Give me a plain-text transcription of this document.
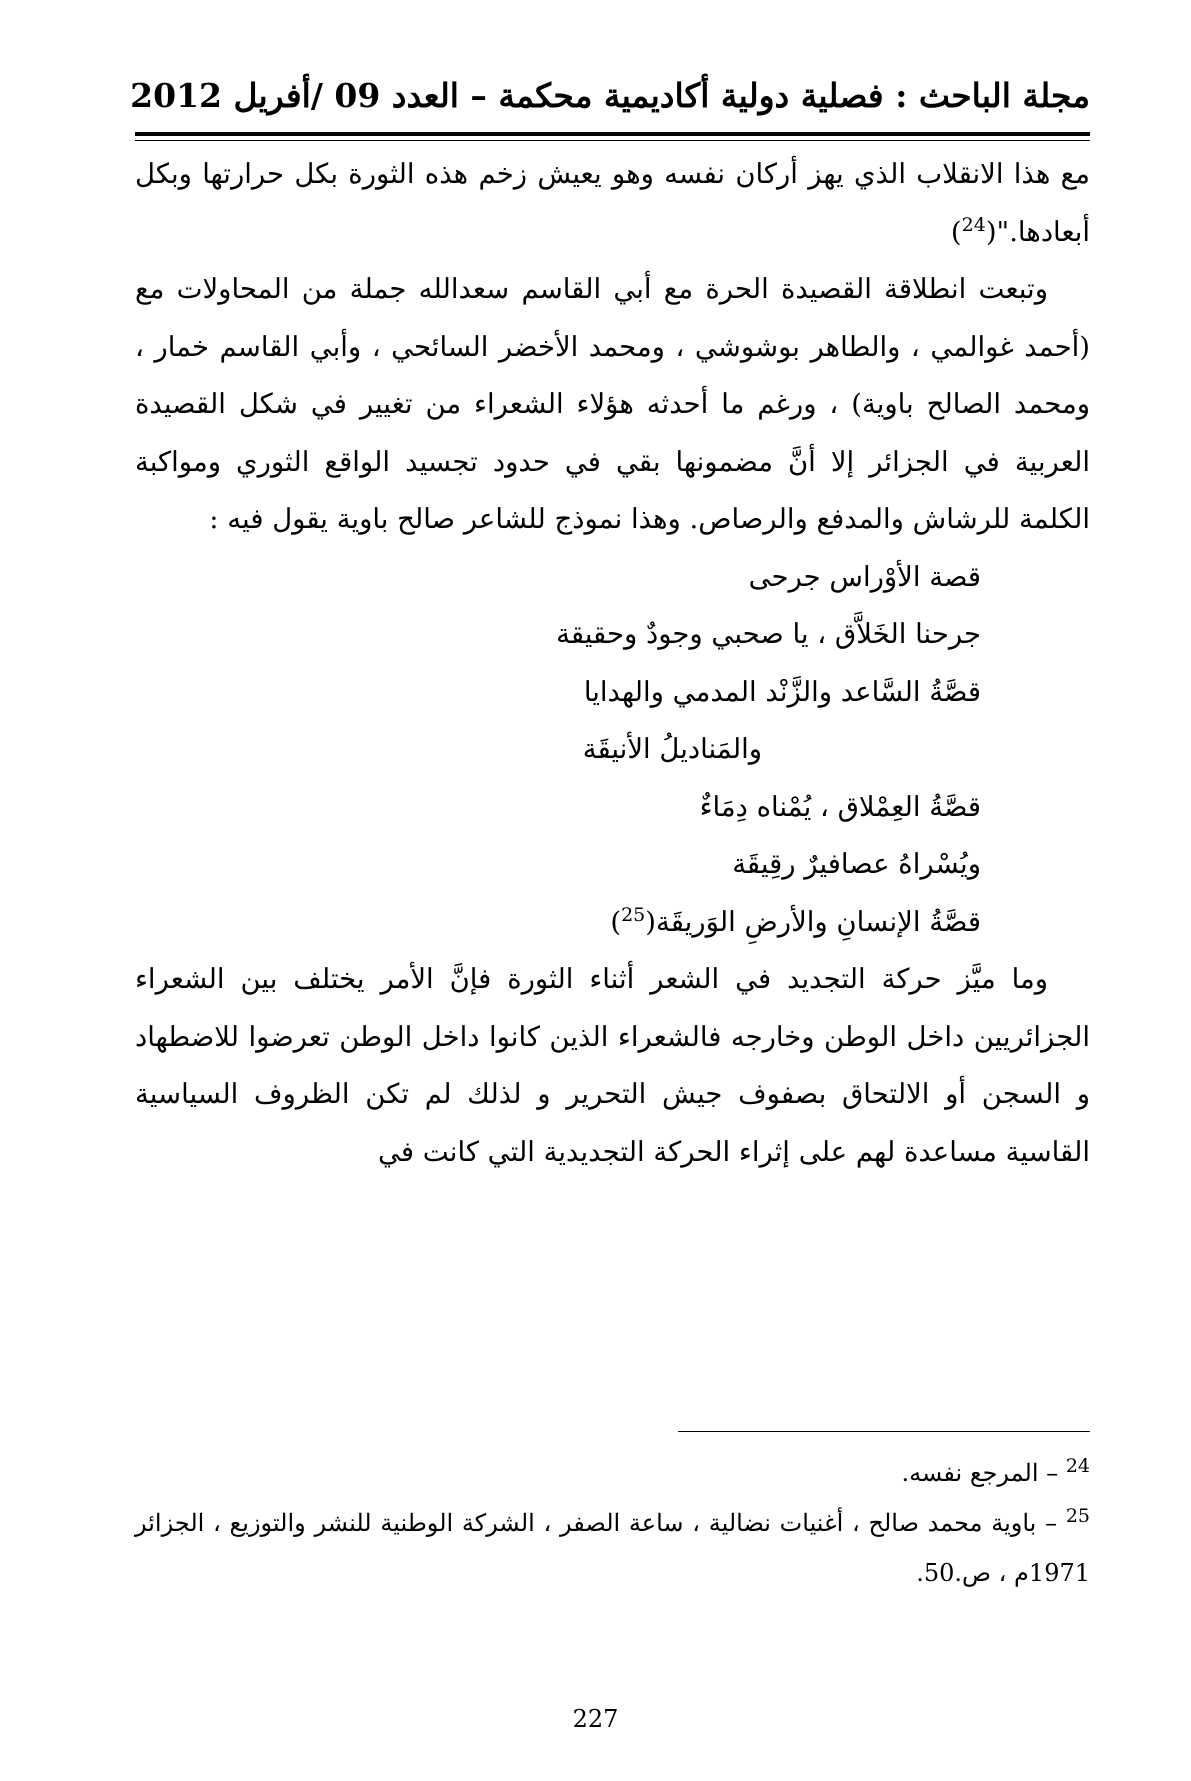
مجلة الباحث : فصلية دولية أكاديمية محكمة – العدد 09 /أفريل 2012

مع هذا الانقلاب الذي يهز أركان نفسه وهو يعيش زخم هذه الثورة بكل حرارتها وبكل أبعادها."($^{24}$)

وتبعت انطلاقة القصيدة الحرة مع أبي القاسم سعدالله جملة من المحاولات مع (أحمد غوالمي ، والطاهر بوشوشي ، ومحمد الأخضر السائحي ، وأبي القاسم خمار ، ومحمد الصالح باوية) ، ورغم ما أحدثه هؤلاء الشعراء من تغيير في شكل القصيدة العربية في الجزائر إلا أنَّ مضمونها بقي في حدود تجسيد الواقع الثوري ومواكبة الكلمة للرشاش والمدفع والرصاص. وهذا نموذج للشاعر صالح باوية يقول فيه :

قصة الأوْراس جرحى
جرحنا الخَلاَّق ، يا صحبي وجودٌ وحقيقة
قصَّةُ السَّاعد والزَّنْد المدمي والهدايا
والمَناديلُ الأنيقَة
قصَّةُ العِمْلاق ، يُمْناه دِمَاءٌ
ويُسْراهُ عصافيرٌ رقِيقَة
قصَّةُ الإنسانِ والأرضِ الوَريقَة($^{25}$)

وما ميَّز حركة التجديد في الشعر أثناء الثورة فإنَّ الأمر يختلف بين الشعراء الجزائريين داخل الوطن وخارجه فالشعراء الذين كانوا داخل الوطن تعرضوا للاضطهاد و السجن أو الالتحاق بصفوف جيش التحرير و لذلك لم تكن الظروف السياسية القاسية مساعدة لهم على إثراء الحركة التجديدية التي كانت في

$^{24}$ – المرجع نفسه.

$^{25}$ – باوية محمد صالح ، أغنيات نضالية ، ساعة الصفر ، الشركة الوطنية للنشر والتوزيع ، الجزائر 1971م ، ص.50.

227
